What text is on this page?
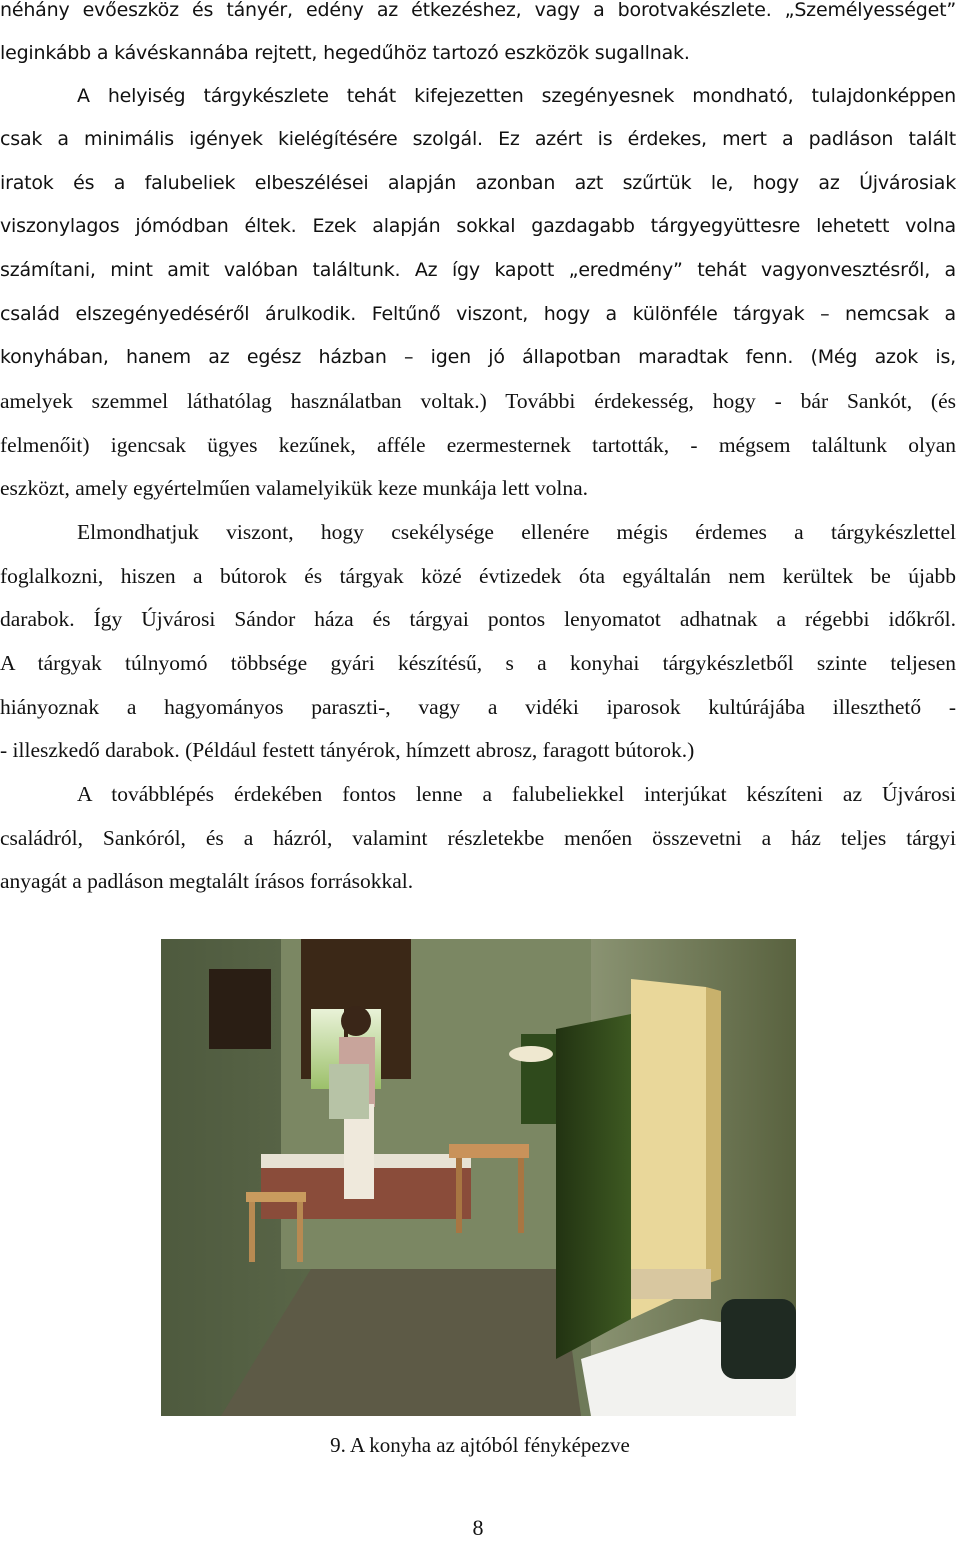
néhány evőeszköz és tányér, edény az étkezéshez, vagy a borotvakészlete. „Személyességet”
leginkább a kávéskannába rejtett, hegedűhöz tartozó eszközök sugallnak.
A helyiség tárgykészlete tehát kifejezetten szegényesnek mondható, tulajdonképpen
csak a minimális igények kielégítésére szolgál. Ez azért is érdekes, mert a padláson talált
iratok és a falubeliek elbeszélései alapján azonban azt szűrtük le, hogy az Újvárosiak
viszonylagos jómódban éltek. Ezek alapján sokkal gazdagabb tárgyegyüttesre lehetett volna
számítani, mint amit valóban találtunk. Az így kapott „eredmény” tehát vagyonvesztésről, a
család elszegényedéséről árulkodik. Feltűnő viszont, hogy a különféle tárgyak – nemcsak a
konyhában, hanem az egész házban – igen jó állapotban maradtak fenn. (Még azok is,
amelyek szemmel láthatólag használatban voltak.) További érdekesség, hogy - bár Sankót, (és
felmenőit) igencsak ügyes kezűnek, afféle ezermesternek tartották, - mégsem találtunk olyan
eszközt, amely egyértelműen valamelyikük keze munkája lett volna.
Elmondhatjuk viszont, hogy csekélysége ellenére mégis érdemes a tárgykészlettel
foglalkozni, hiszen a bútorok és tárgyak közé évtizedek óta egyáltalán nem kerültek be újabb
darabok. Így Újvárosi Sándor háza és tárgyai pontos lenyomatot adhatnak a régebbi időkről.
A tárgyak túlnyomó többsége gyári készítésű, s a konyhai tárgykészletből szinte teljesen
hiányoznak a hagyományos paraszti-, vagy a vidéki iparosok kultúrájába illeszthető -
- illeszkedő darabok. (Például festett tányérok, hímzett abrosz, faragott bútorok.)
A továbblépés érdekében fontos lenne a falubeliekkel interjúkat készíteni az Újvárosi
családról, Sankóról, és a házról, valamint részletekbe menően összevetni a ház teljes tárgyi
anyagát a padláson megtalált írásos forrásokkal.
9. A konyha az ajtóból fényképezve
8
